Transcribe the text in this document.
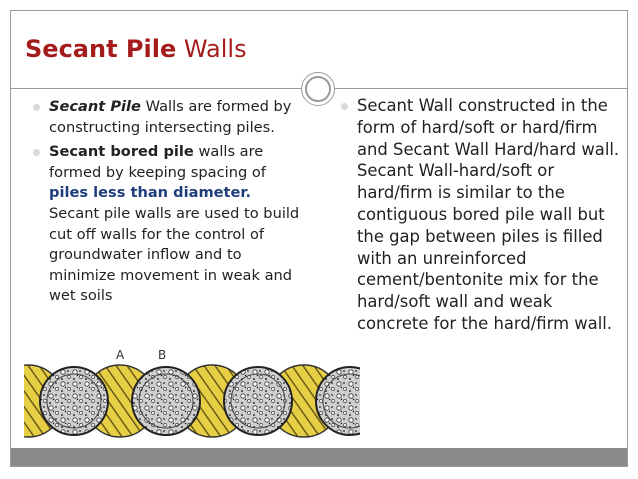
Secant Pile Walls
Secant Pile Walls are formed by constructing intersecting piles.
Secant bored pile walls are formed by keeping spacing of piles less than diameter. Secant pile walls are used to build cut off walls for the control of groundwater inflow and to minimize movement in weak and wet soils
Secant Wall constructed in the form of hard/soft or hard/firm and Secant Wall Hard/hard wall. Secant Wall-hard/soft or hard/firm is similar to the contiguous bored pile wall but the gap between piles is filled with an unreinforced cement/bentonite mix for the hard/soft wall and weak concrete for the hard/firm wall.
A	B
